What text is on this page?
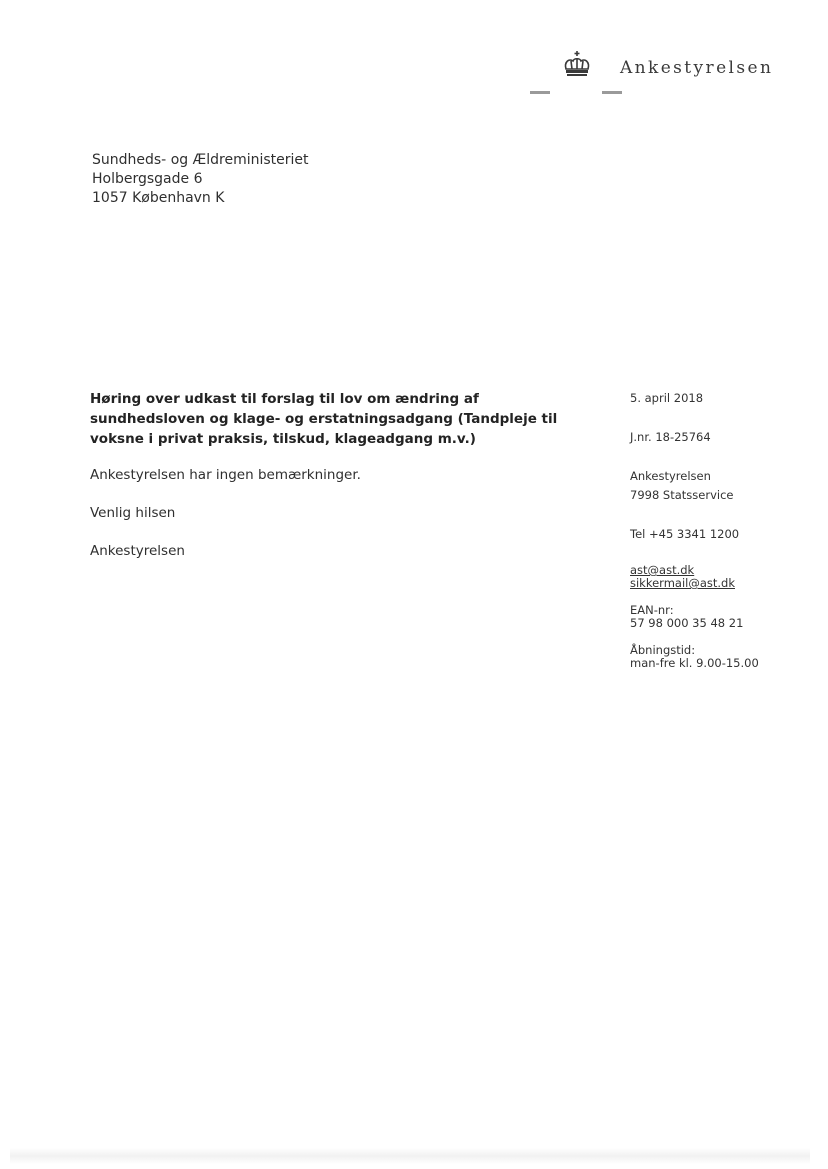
Ankestyrelsen
Sundheds- og Ældreministeriet
Holbergsgade 6
1057 København K
Høring over udkast til forslag til lov om ændring af sundhedsloven og klage- og erstatningsadgang (Tandpleje til voksne i privat praksis, tilskud, klageadgang m.v.)
Ankestyrelsen har ingen bemærkninger.
Venlig hilsen
Ankestyrelsen
5. april 2018
J.nr. 18-25764
Ankestyrelsen
7998 Statsservice
Tel +45 3341 1200
ast@ast.dk
sikkermail@ast.dk
EAN-nr:
57 98 000 35 48 21
Åbningstid:
man-fre kl. 9.00-15.00
